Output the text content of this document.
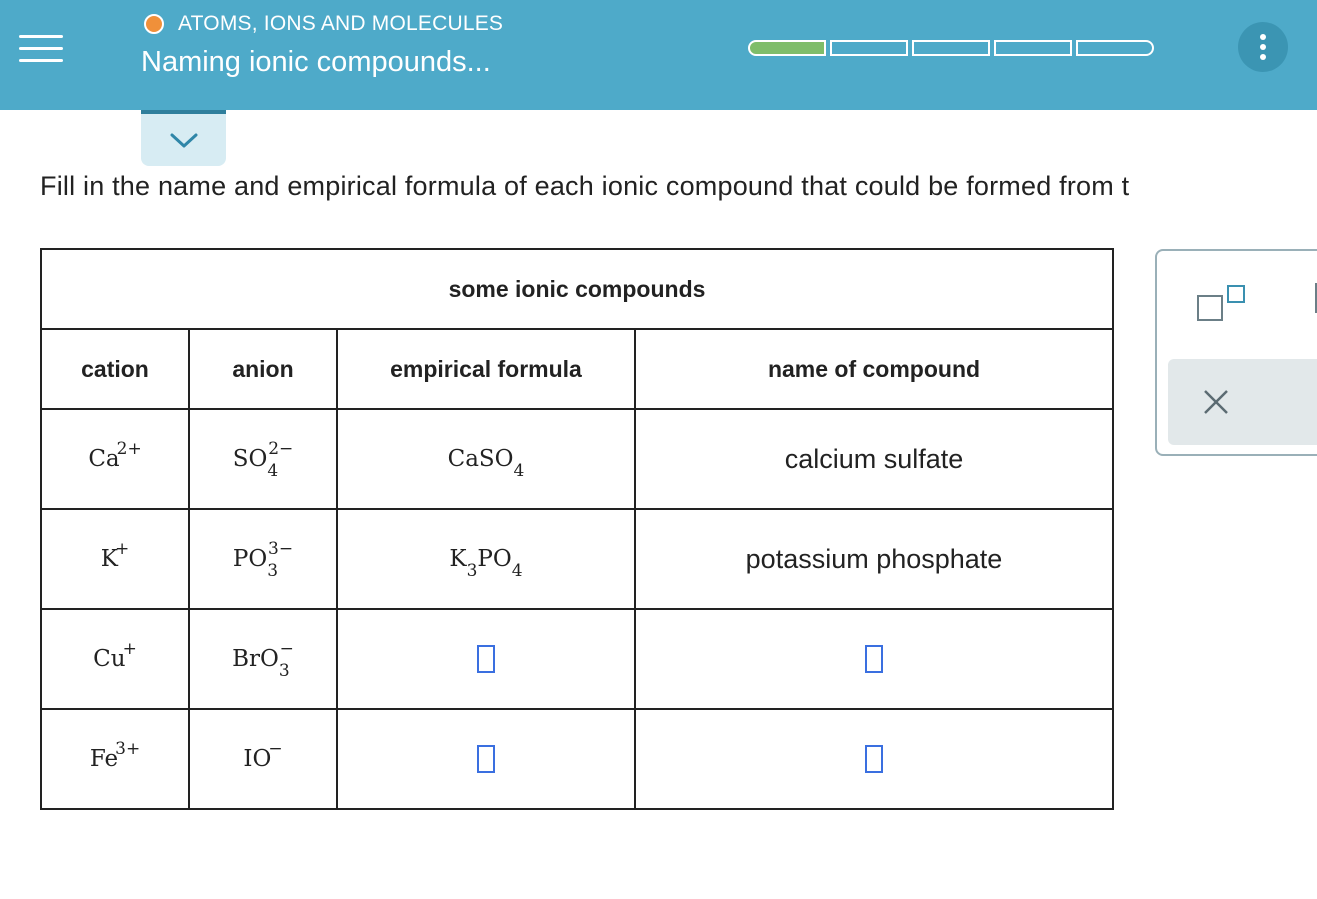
ATOMS, IONS AND MOLECULES
Naming ionic compounds...
Fill in the name and empirical formula of each ionic compound that could be formed from t
some ionic compounds			
cation	anion	empirical formula	name of compound
$Ca^{2+}$	$SO_4^{2-}$	CaSO$_4$	calcium sulfate
K+	$PO_3^{3-}$	$K_3PO_4$	potassium phosphate
Cu+	BrO$_3$−		
$Fe^{3+}$	IO−		
